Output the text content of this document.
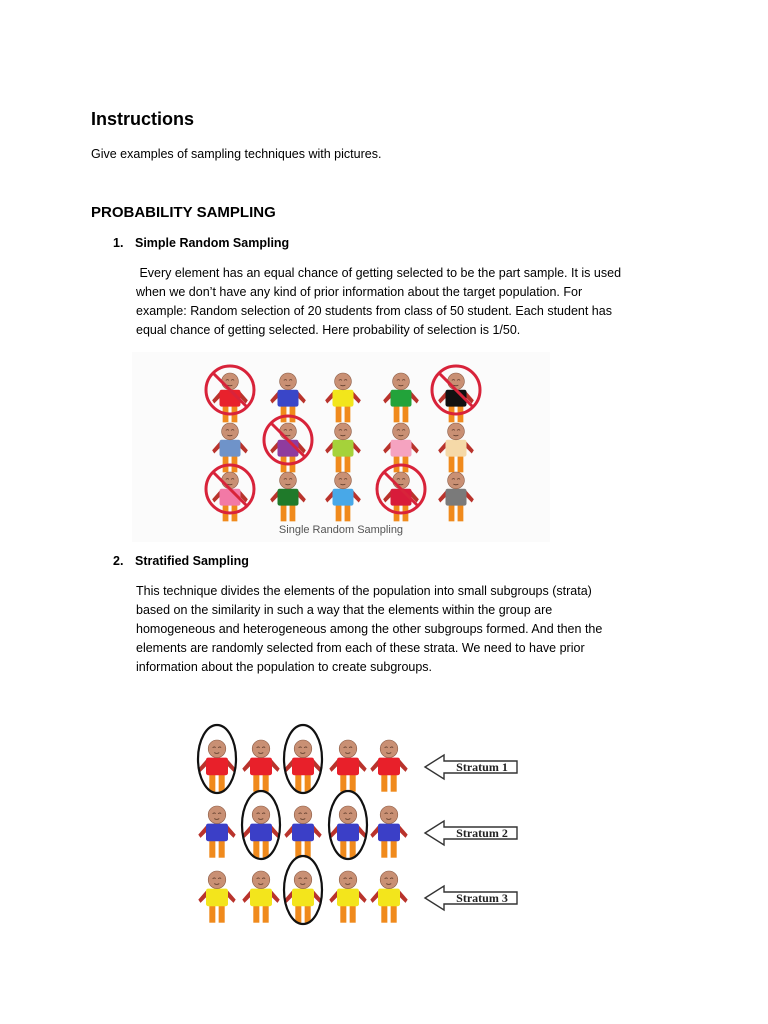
Instructions
Give examples of sampling techniques with pictures.
PROBABILITY SAMPLING
1. Simple Random Sampling
Every element has an equal chance of getting selected to be the part sample. It is used
when we don’t have any kind of prior information about the target population. For
example: Random selection of 20 students from class of 50 student. Each student has
equal chance of getting selected. Here probability of selection is 1/50.
Single Random Sampling
2. Stratified Sampling
This technique divides the elements of the population into small subgroups (strata)
based on the similarity in such a way that the elements within the group are
homogeneous and heterogeneous among the other subgroups formed. And then the
elements are randomly selected from each of these strata. We need to have prior
information about the population to create subgroups.
Stratum 1
Stratum 2
Stratum 3
